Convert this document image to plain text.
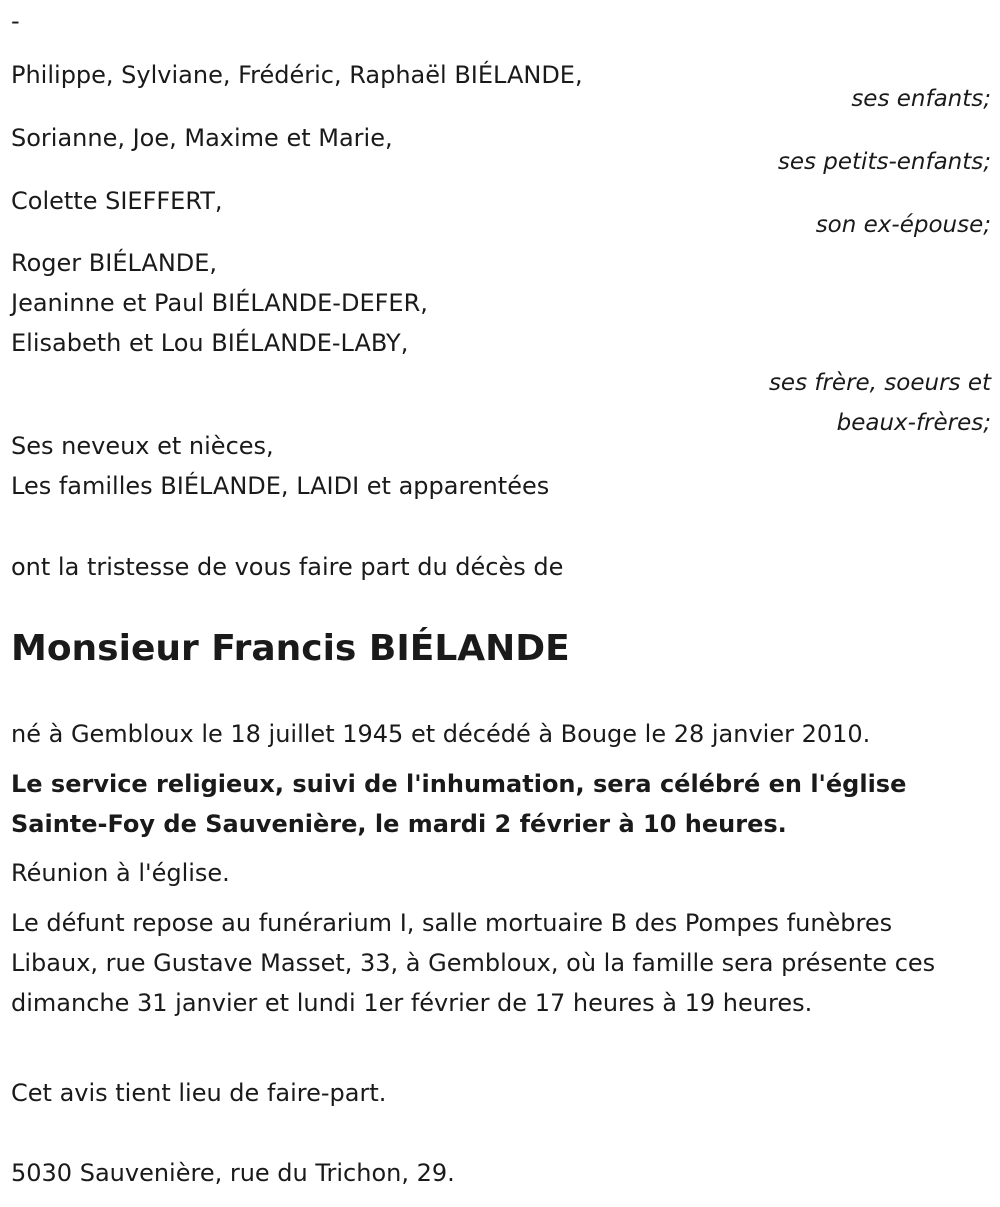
-
Philippe, Sylviane, Frédéric, Raphaël BIÉLANDE,
ses enfants;
Sorianne, Joe, Maxime et Marie,
ses petits-enfants;
Colette SIEFFERT,
son ex-épouse;
Roger BIÉLANDE,
Jeaninne et Paul BIÉLANDE-DEFER,
Elisabeth et Lou BIÉLANDE-LABY,
ses frère, soeurs et
beaux-frères;
Ses neveux et nièces,
Les familles BIÉLANDE, LAIDI et apparentées
ont la tristesse de vous faire part du décès de
Monsieur Francis BIÉLANDE
né à Gembloux le 18 juillet 1945 et décédé à Bouge le 28 janvier 2010.
Le service religieux, suivi de l'inhumation, sera célébré en l'église Sainte-Foy de Sauvenière, le mardi 2 février à 10 heures.
Réunion à l'église.
Le défunt repose au funérarium I, salle mortuaire B des Pompes funèbres Libaux, rue Gustave Masset, 33, à Gembloux, où la famille sera présente ces dimanche 31 janvier et lundi 1er février de 17 heures à 19 heures.
Cet avis tient lieu de faire-part.
5030 Sauvenière, rue du Trichon, 29.
